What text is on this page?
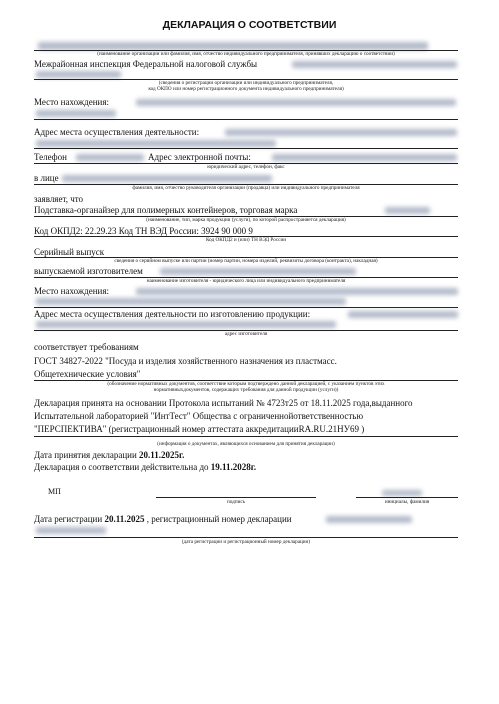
ДЕКЛАРАЦИЯ О СООТВЕТСТВИИ
(наименование организации или фамилия, имя, отчество индивидуального предпринимателя, принявших декларацию о соответствии)
Межрайонная инспекция Федеральной налоговой службы
(сведения о регистрации организации или индивидуального предпринимателя,
код ОКПО или номер регистрационного документа индивидуального предпринимателя)
Место нахождения:
Адрес места осуществления деятельности:
Телефон	Адрес электронной почты:
юридический адрес, телефон, факс
в лице
фамилия, имя, отчество руководителя организации (продавца) или индивидуального предпринимателя
заявляет, что
Подставка-органайзер для полимерных контейнеров, торговая марка
(наименование, тип, марка продукции (услуги), по которой распространяется декларация)
Код ОКПД2: 22.29.23 Код ТН ВЭД России: 3924 90 000 9
Код ОКПД2 и (или) ТН ВЭД России
Серийный выпуск
сведения о серийном выпуске или партии (номер партии, номера изделий, реквизиты договора (контракта), накладная)
выпускаемой изготовителем
наименование изготовителя - юридического лица или индивидуального предпринимателя
Место нахождения:
Адрес места осуществления деятельности по изготовлению продукции:
адрес изготовителя
соответствует требованиям
ГОСТ 34827-2022 "Посуда и изделия хозяйственного назначения из пластмасс.
Общетехнические условия"
(обозначение нормативных документов, соответствие которым подтверждено данной декларацией, с указанием пунктов этих
нормативныхдокументов, содержащих требования для данной продукции (услуги))
Декларация принята на основании Протокола испытаний № 4723т25 от 18.11.2025 года,выданного
Испытательной лабораторией "ИнтТест" Общества с ограниченнойответственностью
"ПЕРСПЕКТИВА" (регистрационный номер аттестата аккредитацииRA.RU.21НУ69 )
(информация о документах, являющихся основанием для принятия декларации)
Дата принятия декларации 20.11.2025г.
Декларация о соответствии действительна до 19.11.2028г.
МП
подпись	инициалы, фамилия
Дата регистрации 20.11.2025 , регистрационный номер декларации
(дата регистрации и регистрационный номер декларации)
